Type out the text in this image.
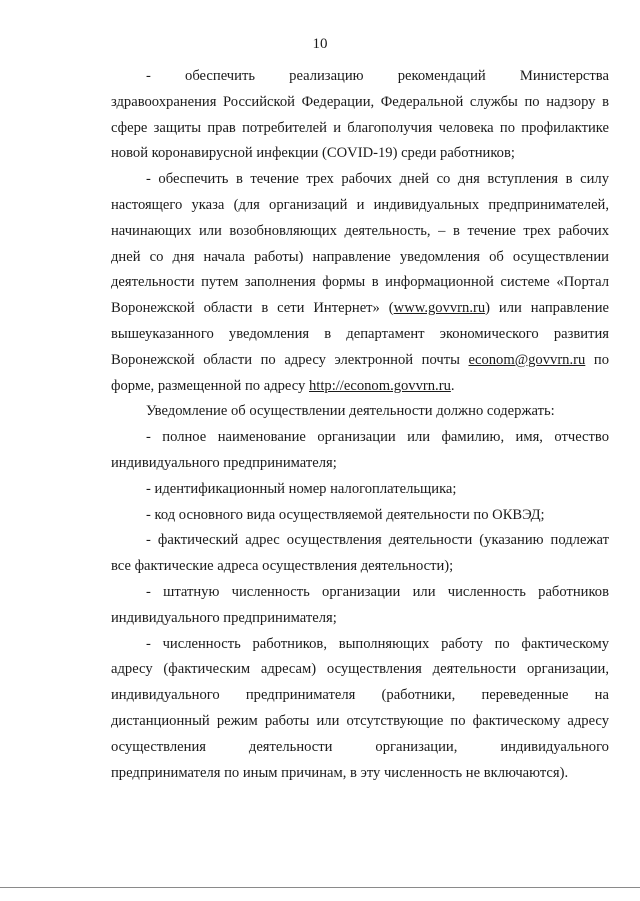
10
- обеспечить реализацию рекомендаций Министерства
здравоохранения Российской Федерации, Федеральной службы по надзору в
сфере защиты прав потребителей и благополучия человека по профилактике
новой коронавирусной инфекции (COVID-19) среди работников;
- обеспечить в течение трех рабочих дней со дня вступления в силу
настоящего указа (для организаций и индивидуальных предпринимателей,
начинающих или возобновляющих деятельность, – в течение трех рабочих
дней со дня начала работы) направление уведомления об осуществлении
деятельности путем заполнения формы в информационной системе «Портал
Воронежской области в сети Интернет» (www.govvrn.ru) или направление
вышеуказанного уведомления в департамент экономического развития
Воронежской области по адресу электронной почты econom@govvrn.ru по
форме, размещенной по адресу http://econom.govvrn.ru.
Уведомление об осуществлении деятельности должно содержать:
- полное наименование организации или фамилию, имя, отчество
индивидуального предпринимателя;
- идентификационный номер налогоплательщика;
- код основного вида осуществляемой деятельности по ОКВЭД;
- фактический адрес осуществления деятельности (указанию подлежат
все фактические адреса осуществления деятельности);
- штатную численность организации или численность работников
индивидуального предпринимателя;
- численность работников, выполняющих работу по фактическому
адресу (фактическим адресам) осуществления деятельности организации,
индивидуального предпринимателя (работники, переведенные на
дистанционный режим работы или отсутствующие по фактическому адресу
осуществления	деятельности	организации,	индивидуального
предпринимателя по иным причинам, в эту численность не включаются).
